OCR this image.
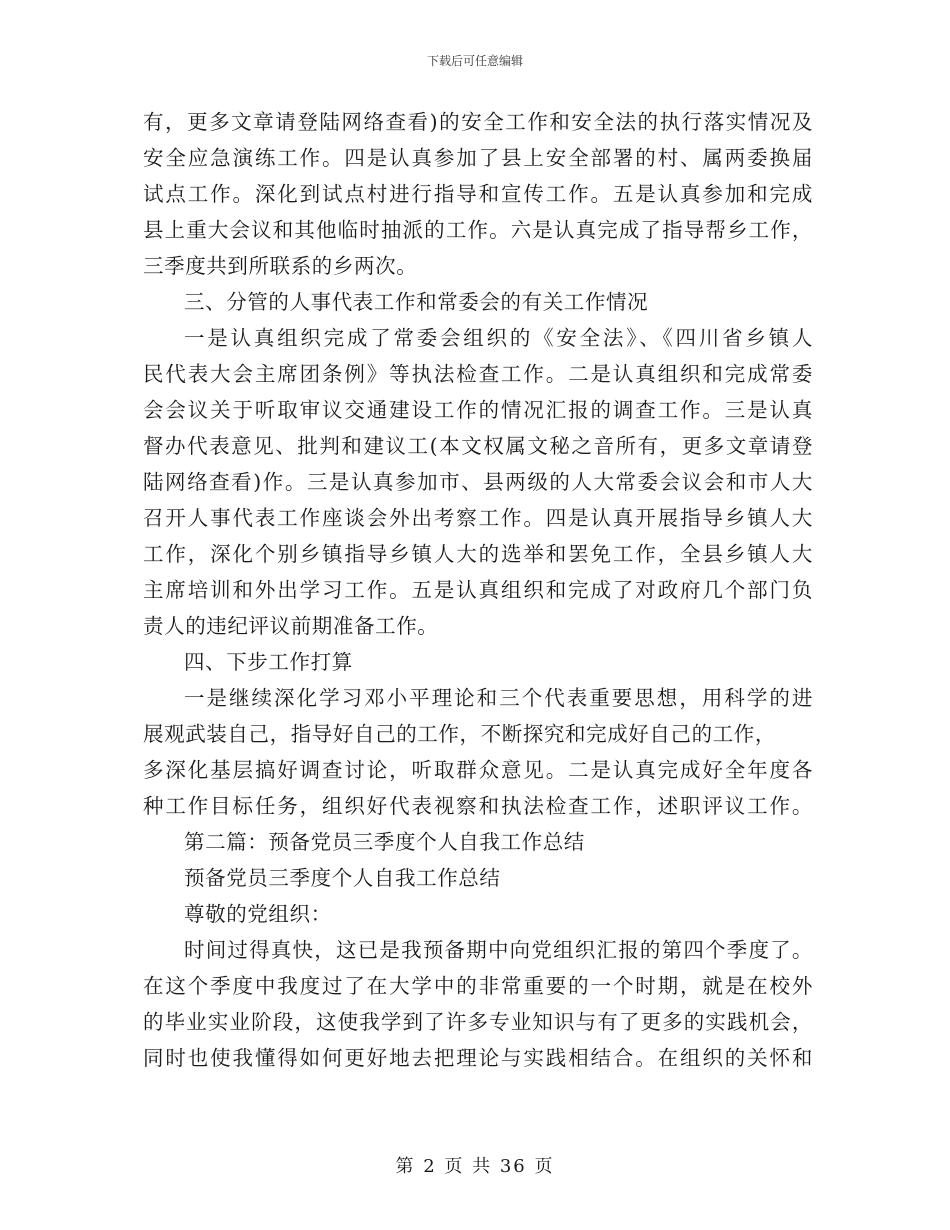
下载后可任意编辑
有，更多文章请登陆网络查看)的安全工作和安全法的执行落实情况及
安全应急演练工作。四是认真参加了县上安全部署的村、属两委换届
试点工作。深化到试点村进行指导和宣传工作。五是认真参加和完成
县上重大会议和其他临时抽派的工作。六是认真完成了指导帮乡工作，
三季度共到所联系的乡两次。
三、分管的人事代表工作和常委会的有关工作情况
一是认真组织完成了常委会组织的《安全法》、《四川省乡镇人
民代表大会主席团条例》等执法检查工作。二是认真组织和完成常委
会会议关于听取审议交通建设工作的情况汇报的调查工作。三是认真
督办代表意见、批判和建议工(本文权属文秘之音所有，更多文章请登
陆网络查看)作。三是认真参加市、县两级的人大常委会议会和市人大
召开人事代表工作座谈会外出考察工作。四是认真开展指导乡镇人大
工作，深化个别乡镇指导乡镇人大的选举和罢免工作，全县乡镇人大
主席培训和外出学习工作。五是认真组织和完成了对政府几个部门负
责人的违纪评议前期准备工作。
四、下步工作打算
一是继续深化学习邓小平理论和三个代表重要思想，用科学的进
展观武装自己，指导好自己的工作，不断探究和完成好自己的工作，
多深化基层搞好调查讨论，听取群众意见。二是认真完成好全年度各
种工作目标任务，组织好代表视察和执法检查工作，述职评议工作。
第二篇：预备党员三季度个人自我工作总结
预备党员三季度个人自我工作总结
尊敬的党组织：
时间过得真快，这已是我预备期中向党组织汇报的第四个季度了。
在这个季度中我度过了在大学中的非常重要的一个时期，就是在校外
的毕业实业阶段，这使我学到了许多专业知识与有了更多的实践机会，
同时也使我懂得如何更好地去把理论与实践相结合。在组织的关怀和
第 2 页 共 36 页
